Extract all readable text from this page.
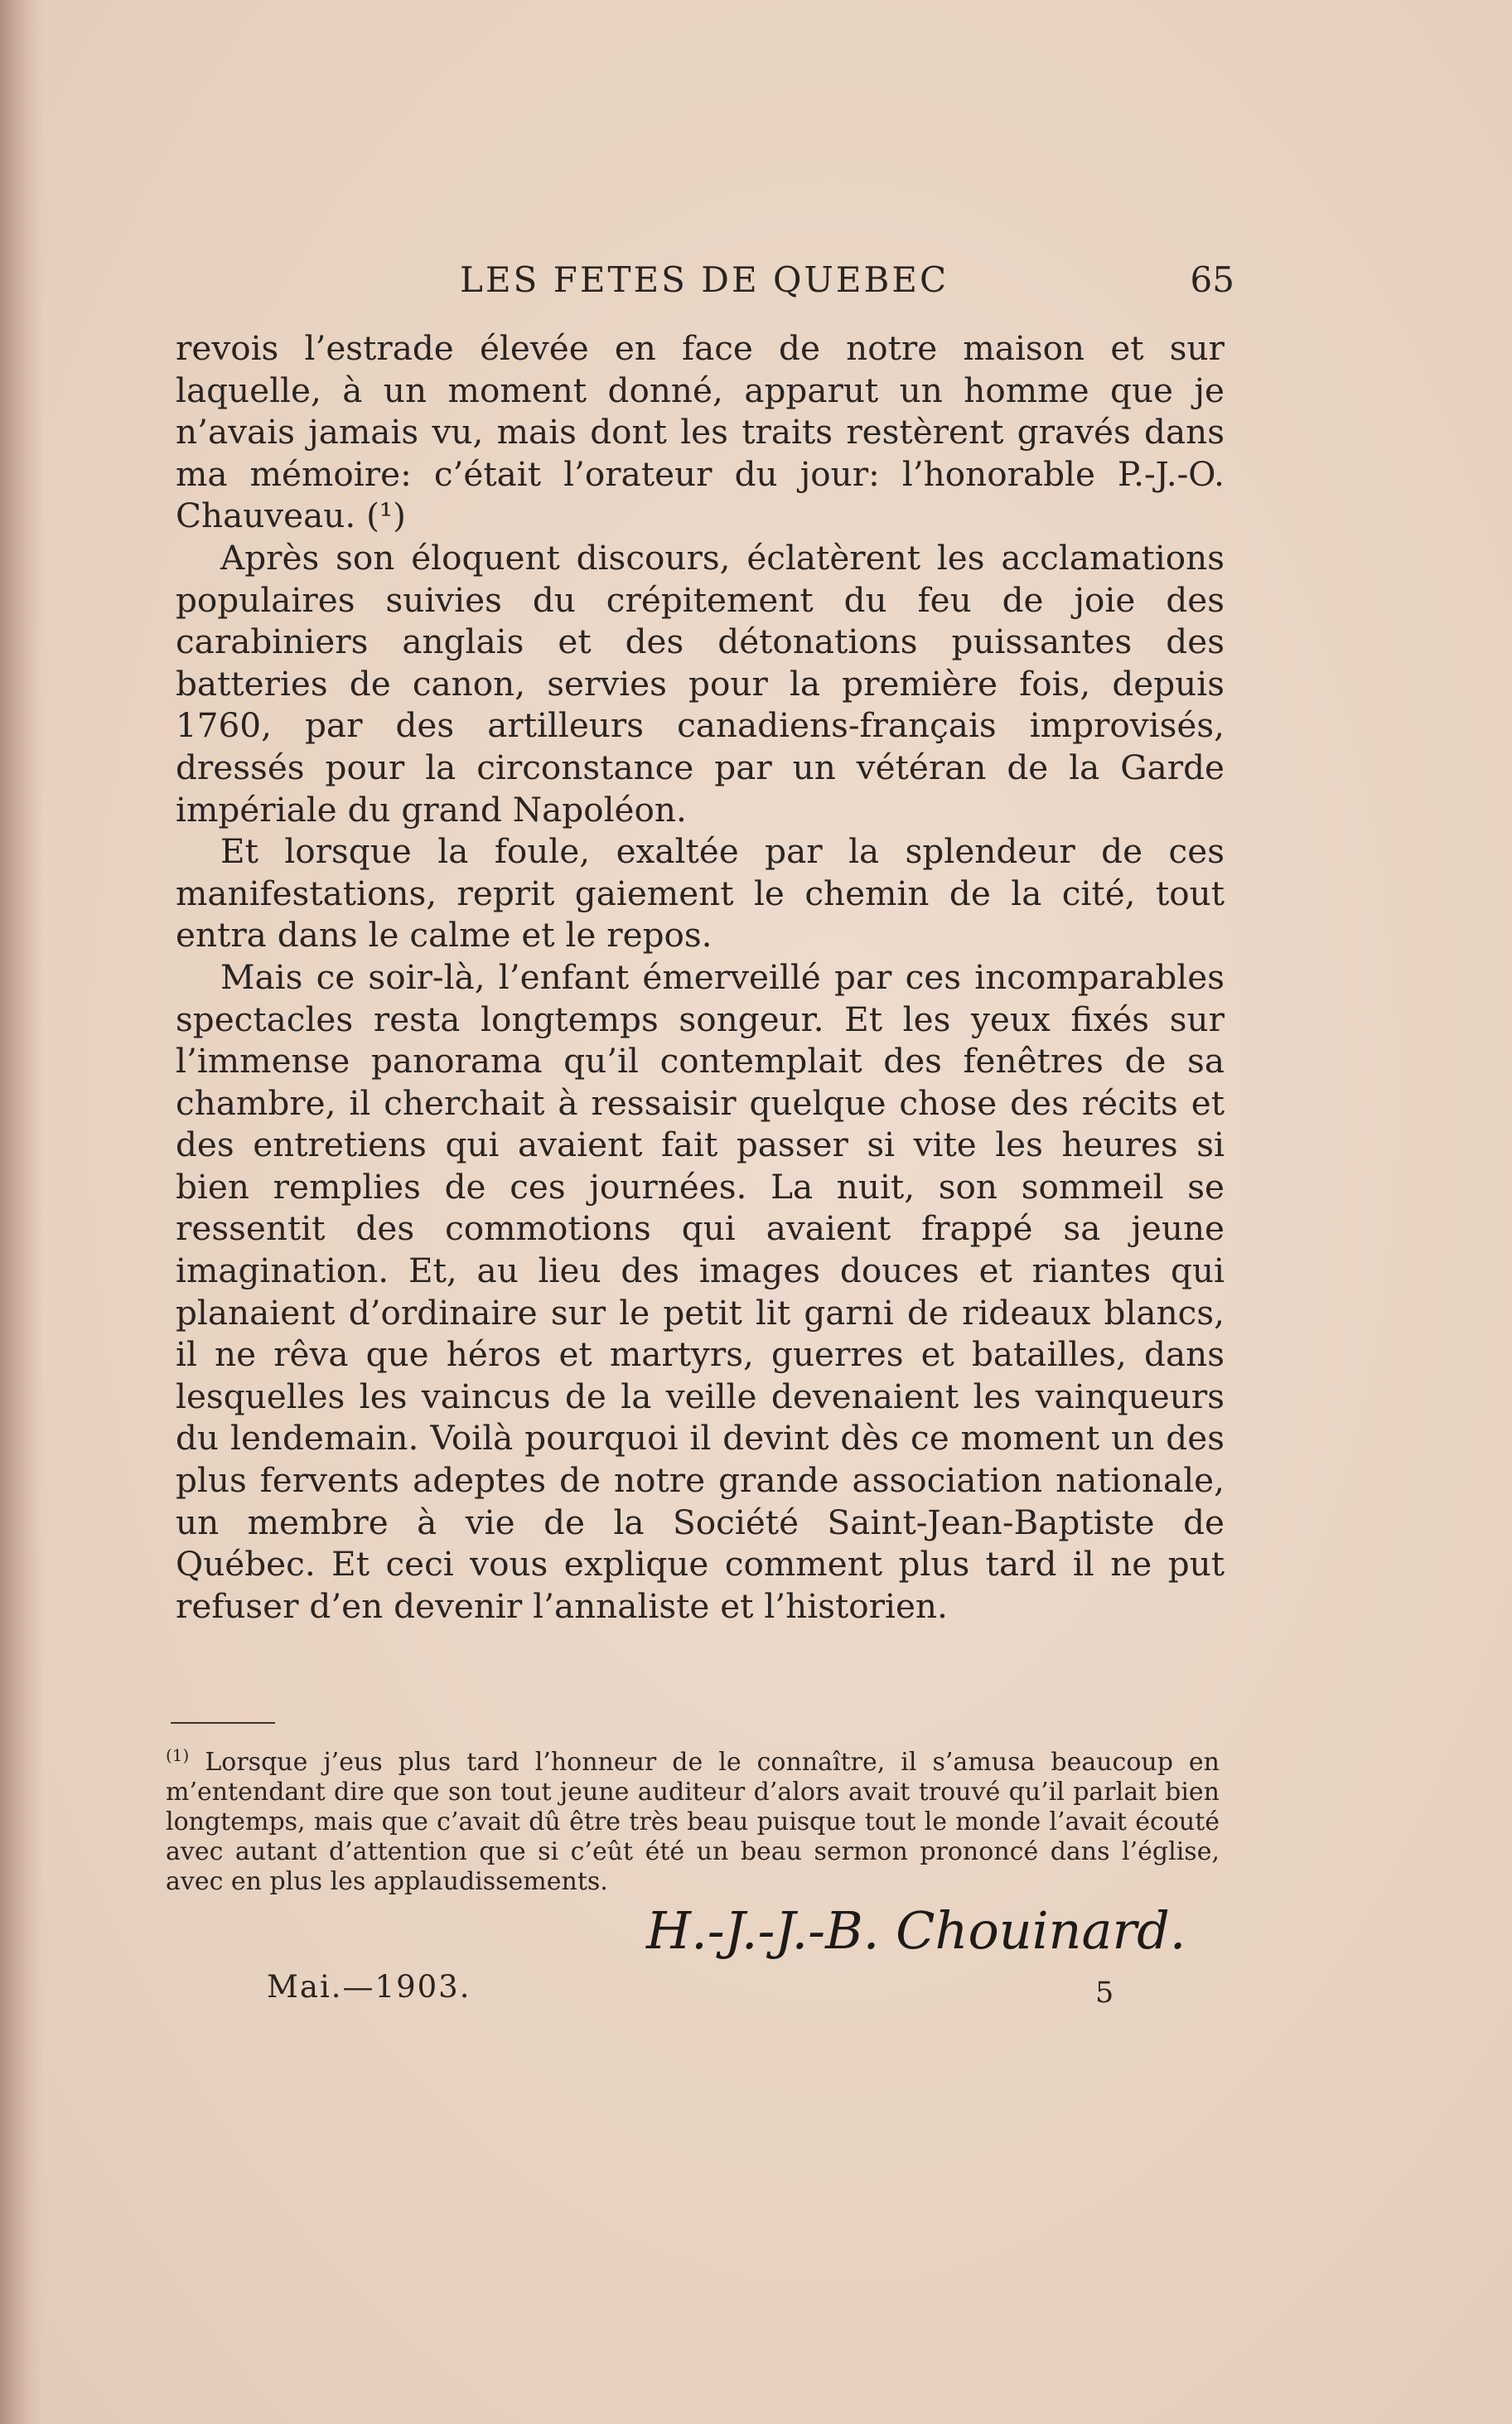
LES FETES DE QUEBEC	65

revois l’estrade élevée en face de notre maison et sur laquelle, à un moment donné, apparut un homme que je n’avais jamais vu, mais dont les traits restèrent gravés dans ma mémoire: c’était l’orateur du jour: l’honorable P.-J.-O. Chauveau. (¹)

Après son éloquent discours, éclatèrent les acclamations populaires suivies du crépitement du feu de joie des carabiniers anglais et des détonations puissantes des batteries de canon, servies pour la première fois, depuis 1760, par des artilleurs canadiens-français improvisés, dressés pour la circonstance par un vétéran de la Garde impériale du grand Napoléon.

Et lorsque la foule, exaltée par la splendeur de ces manifestations, reprit gaiement le chemin de la cité, tout entra dans le calme et le repos.

Mais ce soir-là, l’enfant émerveillé par ces incomparables spectacles resta longtemps songeur. Et les yeux fixés sur l’immense panorama qu’il contemplait des fenêtres de sa chambre, il cherchait à ressaisir quelque chose des récits et des entretiens qui avaient fait passer si vite les heures si bien remplies de ces journées. La nuit, son sommeil se ressentit des commotions qui avaient frappé sa jeune imagination. Et, au lieu des images douces et riantes qui planaient d’ordinaire sur le petit lit garni de rideaux blancs, il ne rêva que héros et martyrs, guerres et batailles, dans lesquelles les vaincus de la veille devenaient les vainqueurs du lendemain. Voilà pourquoi il devint dès ce moment un des plus fervents adeptes de notre grande association nationale, un membre à vie de la Société Saint-Jean-Baptiste de Québec. Et ceci vous explique comment plus tard il ne put refuser d’en devenir l’annaliste et l’historien.

$^{(1)}$ Lorsque j’eus plus tard l’honneur de le connaître, il s’amusa beaucoup en m’entendant dire que son tout jeune auditeur d’alors avait trouvé qu’il parlait bien longtemps, mais que c’avait dû être très beau puisque tout le monde l’avait écouté avec autant d’attention que si c’eût été un beau sermon prononcé dans l’église, avec en plus les applaudissements.

H.-J.-J.-B. Chouinard.
Mai.—1903.	5
